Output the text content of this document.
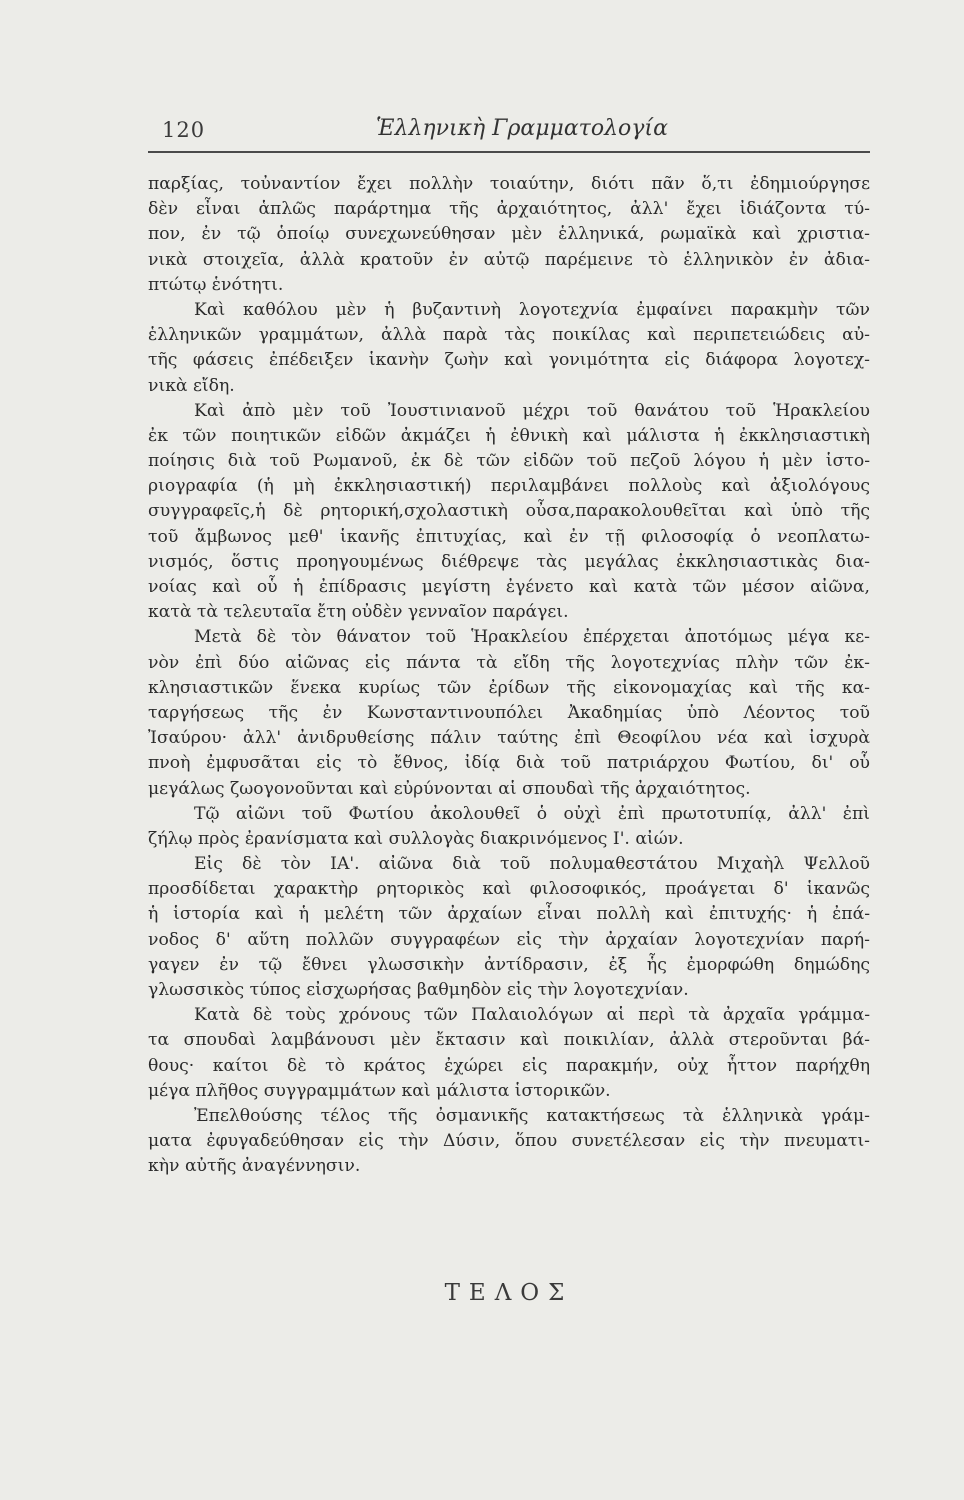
120	Ἑλληνικὴ Γραμματολογία
παρξίας, τοὐναντίον ἔχει πολλὴν τοιαύτην, διότι πᾶν ὅ,τι ἐδημιούργησε
δὲν εἶναι ἁπλῶς παράρτημα τῆς ἀρχαιότητος, ἀλλ' ἔχει ἰδιάζοντα τύ-
πον, ἐν τῷ ὁποίῳ συνεχωνεύθησαν μὲν ἑλληνικά, ρωμαϊκὰ καὶ χριστια-
νικὰ στοιχεῖα, ἀλλὰ κρατοῦν ἐν αὐτῷ παρέμεινε τὸ ἑλληνικὸν ἐν ἀδια-
πτώτῳ ἑνότητι.
Καὶ καθόλου μὲν ἡ βυζαντινὴ λογοτεχνία ἐμφαίνει παρακμὴν τῶν
ἑλληνικῶν γραμμάτων, ἀλλὰ παρὰ τὰς ποικίλας καὶ περιπετειώδεις αὐ-
τῆς φάσεις ἐπέδειξεν ἱκανὴν ζωὴν καὶ γονιμότητα εἰς διάφορα λογοτεχ-
νικὰ εἴδη.
Καὶ ἀπὸ μὲν τοῦ Ἰουστινιανοῦ μέχρι τοῦ θανάτου τοῦ Ἡρακλείου
ἐκ τῶν ποιητικῶν εἰδῶν ἀκμάζει ἡ ἐθνικὴ καὶ μάλιστα ἡ ἐκκλησιαστικὴ
ποίησις διὰ τοῦ Ρωμανοῦ, ἐκ δὲ τῶν εἰδῶν τοῦ πεζοῦ λόγου ἡ μὲν ἱστο-
ριογραφία (ἡ μὴ ἐκκλησιαστική) περιλαμβάνει πολλοὺς καὶ ἀξιολόγους
συγγραφεῖς,ἡ δὲ ρητορική,σχολαστικὴ οὖσα,παρακολουθεῖται καὶ ὑπὸ τῆς
τοῦ ἄμβωνος μεθ' ἱκανῆς ἐπιτυχίας, καὶ ἐν τῇ φιλοσοφίᾳ ὁ νεοπλατω-
νισμός, ὅστις προηγουμένως διέθρεψε τὰς μεγάλας ἐκκλησιαστικὰς δια-
νοίας καὶ οὗ ἡ ἐπίδρασις μεγίστη ἐγένετο καὶ κατὰ τῶν μέσον αἰῶνα,
κατὰ τὰ τελευταῖα ἔτη οὐδὲν γενναῖον παράγει.
Μετὰ δὲ τὸν θάνατον τοῦ Ἡρακλείου ἐπέρχεται ἀποτόμως μέγα κε-
νὸν ἐπὶ δύο αἰῶνας εἰς πάντα τὰ εἴδη τῆς λογοτεχνίας πλὴν τῶν ἐκ-
κλησιαστικῶν ἕνεκα κυρίως τῶν ἐρίδων τῆς εἰκονομαχίας καὶ τῆς κα-
ταργήσεως τῆς ἐν Κωνσταντινουπόλει Ἀκαδημίας ὑπὸ Λέοντος τοῦ
Ἰσαύρου· ἀλλ' ἀνιδρυθείσης πάλιν ταύτης ἐπὶ Θεοφίλου νέα καὶ ἰσχυρὰ
πνοὴ ἐμφυσᾶται εἰς τὸ ἔθνος, ἰδίᾳ διὰ τοῦ πατριάρχου Φωτίου, δι' οὗ
μεγάλως ζωογονοῦνται καὶ εὐρύνονται αἱ σπουδαὶ τῆς ἀρχαιότητος.
Τῷ αἰῶνι τοῦ Φωτίου ἀκολουθεῖ ὁ οὐχὶ ἐπὶ πρωτοτυπίᾳ, ἀλλ' ἐπὶ
ζήλῳ πρὸς ἐρανίσματα καὶ συλλογὰς διακρινόμενος Ι'. αἰών.
Εἰς δὲ τὸν ΙΑ'. αἰῶνα διὰ τοῦ πολυμαθεστάτου Μιχαὴλ Ψελλοῦ
προσδίδεται χαρακτὴρ ρητορικὸς καὶ φιλοσοφικός, προάγεται δ' ἱκανῶς
ἡ ἱστορία καὶ ἡ μελέτη τῶν ἀρχαίων εἶναι πολλὴ καὶ ἐπιτυχής· ἡ ἐπά-
νοδος δ' αὕτη πολλῶν συγγραφέων εἰς τὴν ἀρχαίαν λογοτεχνίαν παρή-
γαγεν ἐν τῷ ἔθνει γλωσσικὴν ἀντίδρασιν, ἐξ ἧς ἐμορφώθη δημώδης
γλωσσικὸς τύπος εἰσχωρήσας βαθμηδὸν εἰς τὴν λογοτεχνίαν.
Κατὰ δὲ τοὺς χρόνους τῶν Παλαιολόγων αἱ περὶ τὰ ἀρχαῖα γράμμα-
τα σπουδαὶ λαμβάνουσι μὲν ἔκτασιν καὶ ποικιλίαν, ἀλλὰ στεροῦνται βά-
θους· καίτοι δὲ τὸ κράτος ἐχώρει εἰς παρακμήν, οὐχ ἧττον παρήχθη
μέγα πλῆθος συγγραμμάτων καὶ μάλιστα ἱστορικῶν.
Ἐπελθούσης τέλος τῆς ὀσμανικῆς κατακτήσεως τὰ ἑλληνικὰ γράμ-
ματα ἐφυγαδεύθησαν εἰς τὴν Δύσιν, ὅπου συνετέλεσαν εἰς τὴν πνευματι-
κὴν αὐτῆς ἀναγέννησιν.
ΤΕΛΟΣ
